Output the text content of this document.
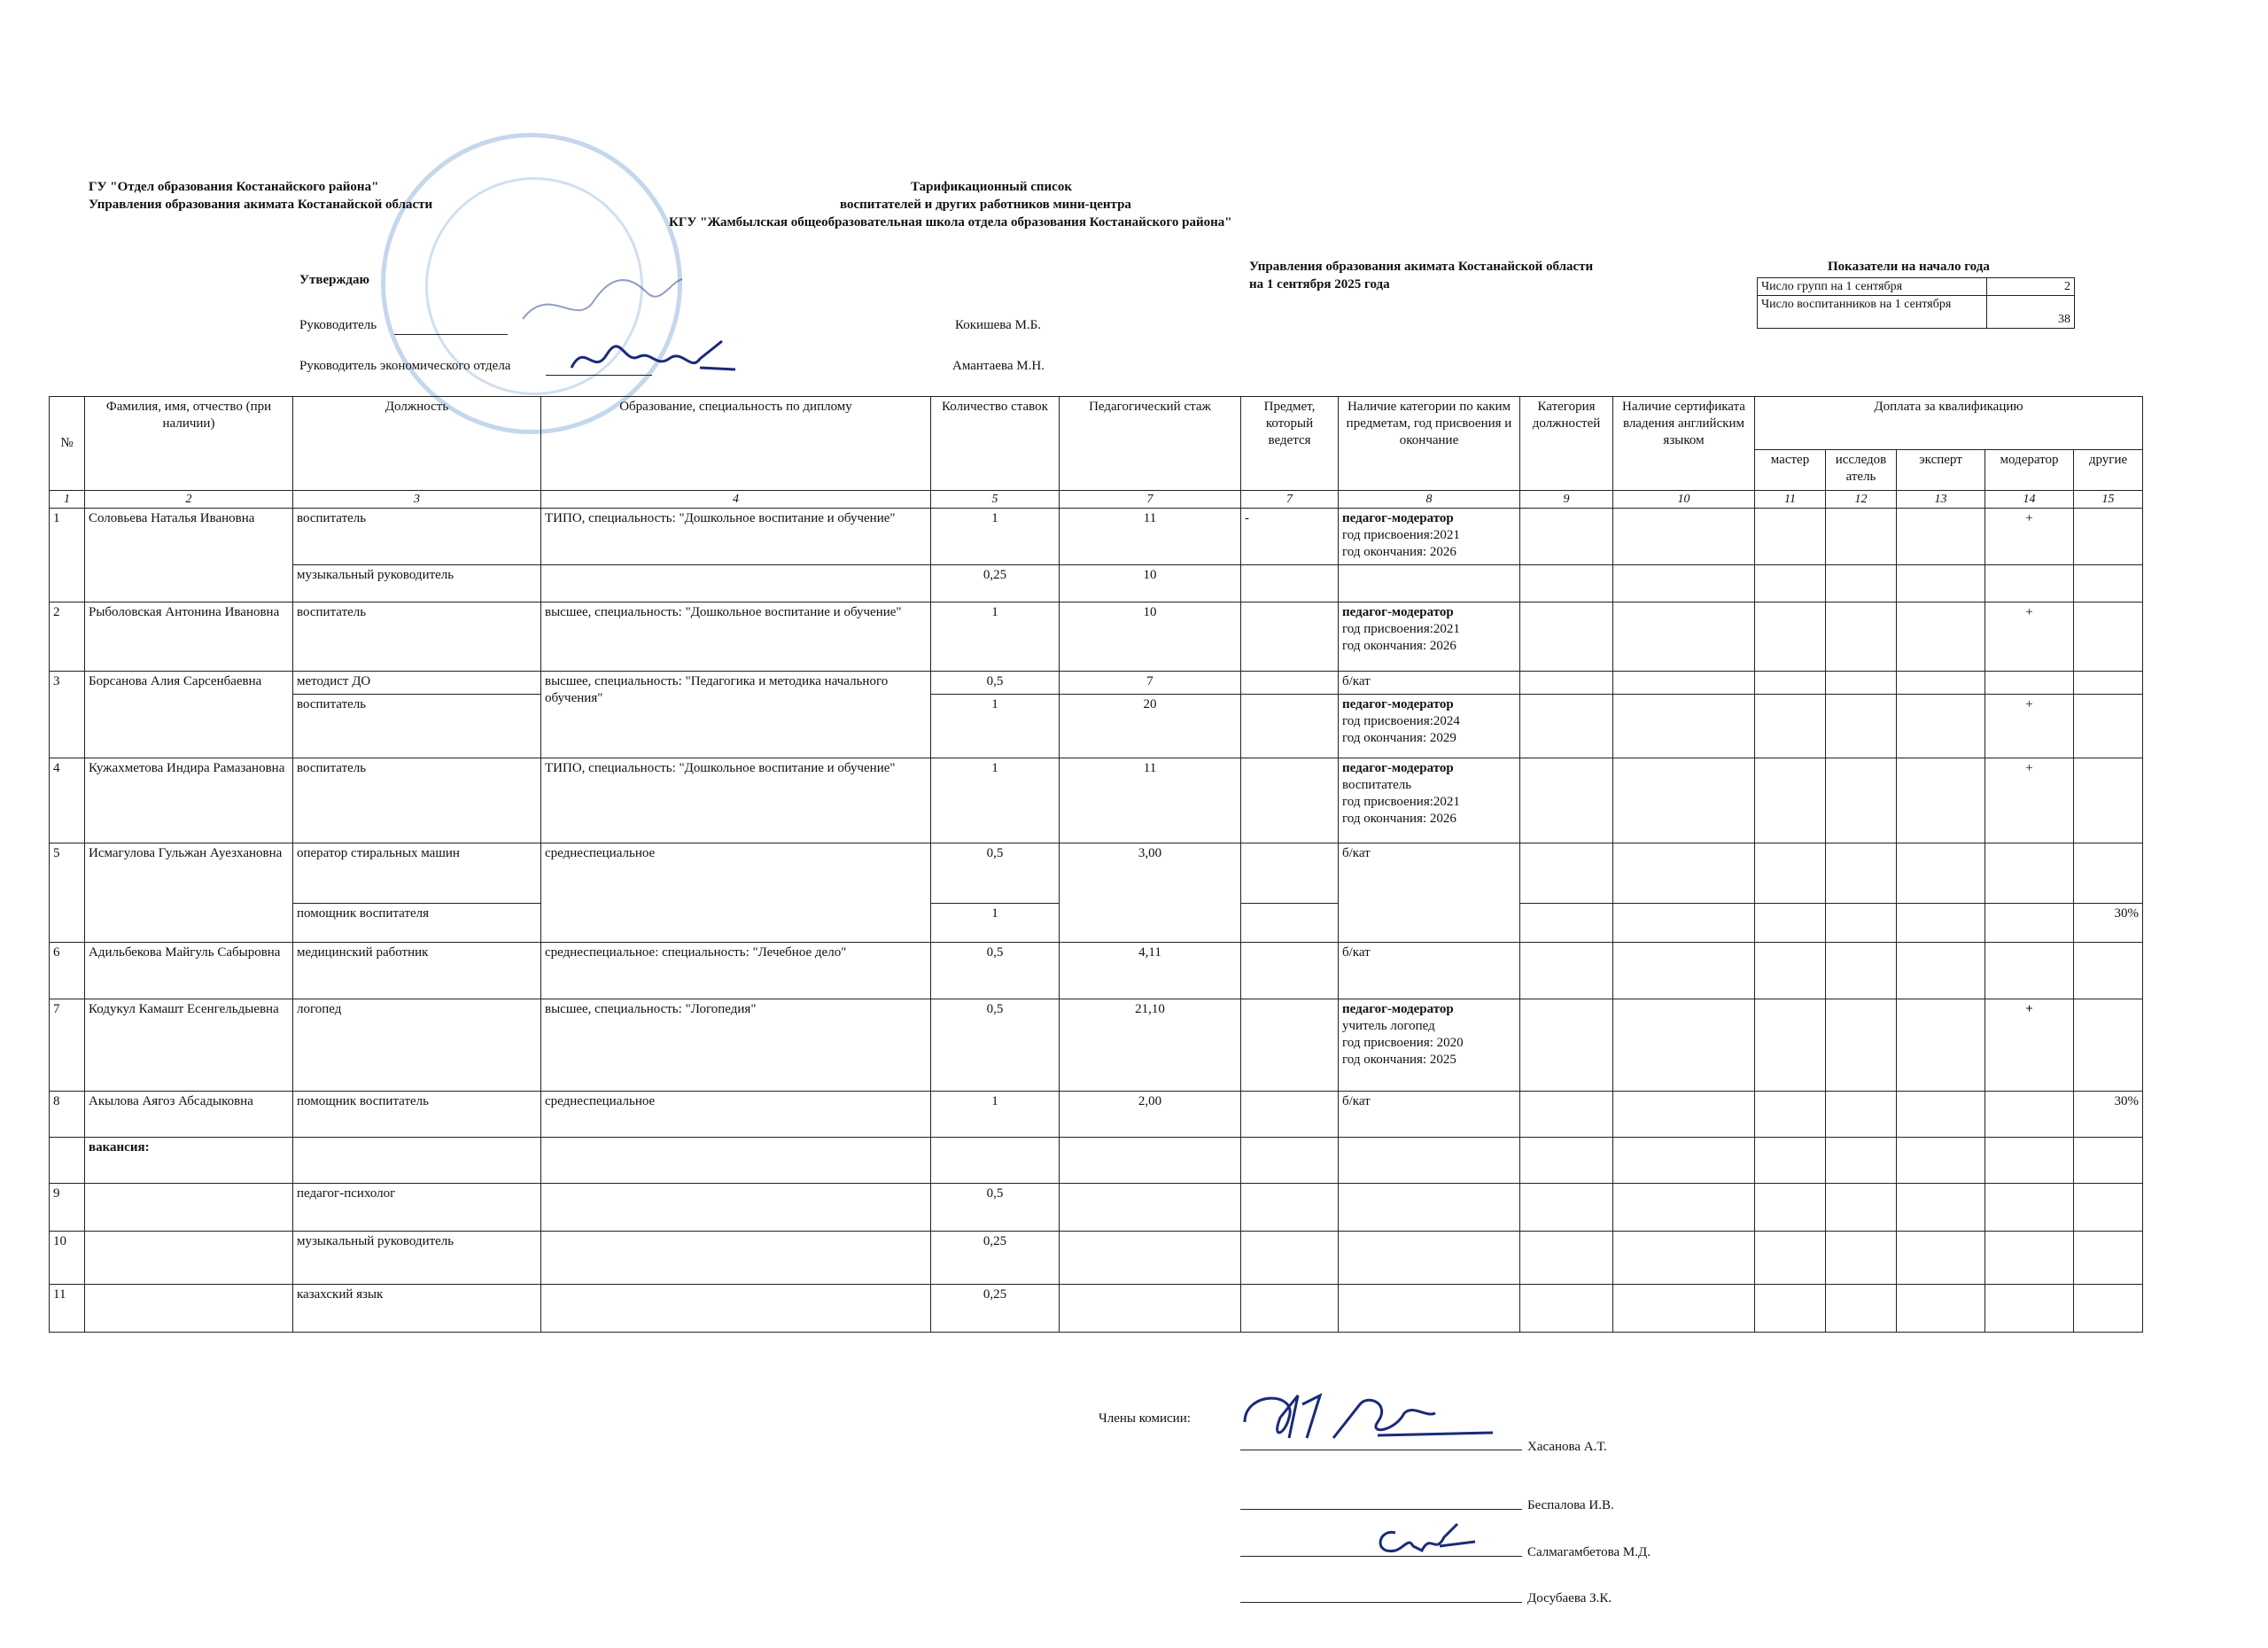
ГУ "Отдел образования Костанайского района"
Управления образования акимата Костанайской области
Тарификационный список
воспитателей и других работников мини-центра
КГУ "Жамбылская общеобразовательная школа отдела образования Костанайского района"
Утверждаю
Руководитель	Кокишева М.Б.
Руководитель экономического отдела	Амантаева М.Н.
Управления образования акимата Костанайской области
на 1 сентября 2025 года
Показатели на начало года
Число групп на 1 сентября	2
Число воспитанников на 1 сентября	38
№	Фамилия, имя, отчество (при наличии)	Должность	Образование, специальность по диплому	Количество ставок	Педагогический стаж	Предмет, который ведется	Наличие категории по каким предметам, год присвоения и окончание	Категория должностей	Наличие сертификата владения английским языком	Доплата за квалификацию				
										мастер	исследов атель	эксперт	модератор	другие
1	2	3	4	5	7	7	8	9	10	11	12	13	14	15
1	Соловьева Наталья Ивановна	воспитатель	ТИПО, специальность: "Дошкольное воспитание и обучение"	1	11	-	педагог-модератор
год присвоения:2021
год окончания: 2026						+	
		музыкальный руководитель		0,25	10									
2	Рыболовская Антонина Ивановна	воспитатель	высшее, специальность: "Дошкольное воспитание и обучение"	1	10		педагог-модератор
год присвоения:2021
год окончания: 2026						+	
3	Борсанова Алия Сарсенбаевна	методист ДО	высшее, специальность: "Педагогика и методика начального обучения"	0,5	7		б/кат							
		воспитатель		1	20		педагог-модератор
год присвоения:2024
год окончания: 2029						+	
4	Кужахметова Индира Рамазановна	воспитатель	ТИПО, специальность: "Дошкольное воспитание и обучение"	1	11		педагог-модератор
воспитатель
год присвоения:2021
год окончания: 2026						+	
5	Исмагулова Гульжан Ауезхановна	оператор стиральных машин	среднеспециальное	0,5	3,00		б/кат							
		помощник воспитателя		1										30%
6	Адильбекова Майгуль Сабыровна	медицинский работник	среднеспециальное: специальность: "Лечебное дело"	0,5	4,11		б/кат							
7	Кодукул Камашт Есенгельдыевна	логопед	высшее, специальность: "Логопедия"	0,5	21,10		педагог-модератор
учитель логопед
год присвоения: 2020
год окончания: 2025						+	
8	Акылова Аягоз Абсадыковна	помощник воспитатель	среднеспециальное	1	2,00		б/кат							30%
	вакансия:													
9		педагог-психолог		0,5										
10		музыкальный руководитель		0,25										
11		казахский язык		0,25										
Члены комисии:
Хасанова А.Т.
Беспалова И.В.
Салмагамбетова М.Д.
Досубаева З.К.
